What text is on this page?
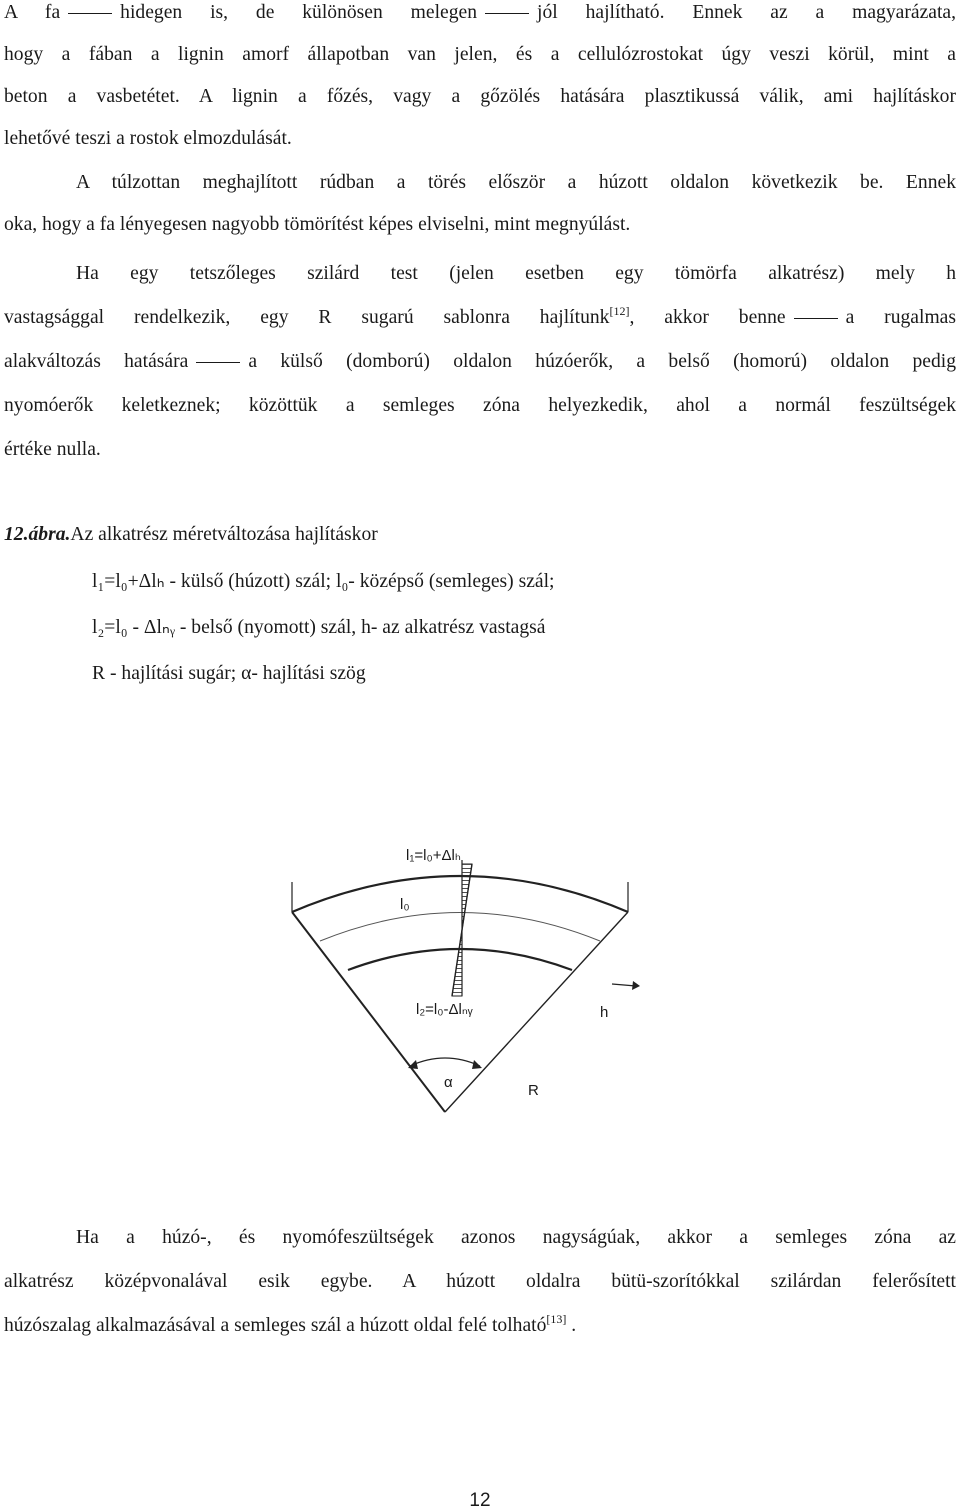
A fa	hidegen is, de különösen melegen	jól hajlítható. Ennek az a magyarázata,
hogy a fában a lignin amorf állapotban van jelen, és a cellulózrostokat úgy veszi körül, mint a
beton a vasbetétet. A lignin a főzés, vagy a gőzölés hatására plasztikussá válik, ami hajlításkor
lehetővé teszi a rostok elmozdulását.
A túlzottan meghajlított rúdban a törés először a húzott oldalon következik be. Ennek
oka, hogy a fa lényegesen nagyobb tömörítést képes elviselni, mint megnyúlást.
Ha egy tetszőleges szilárd test (jelen esetben egy tömörfa alkatrész) mely h
vastagsággal rendelkezik, egy R sugarú sablonra hajlítunk[12], akkor benne	a rugalmas
alakváltozás hatására	a külső (domború) oldalon húzóerők, a belső (homorú) oldalon pedig
nyomóerők keletkeznek; közöttük a semleges zóna helyezkedik, ahol a normál feszültségek
értéke nulla.
12.ábra.Az alkatrész méretváltozása hajlításkor
l₁=l₀+Δlₕ - külső (húzott) szál; l₀- középső (semleges) szál;
l₂=l₀ - Δlₙᵧ - belső (nyomott) szál, h- az alkatrész vastagsá
R - hajlítási sugár; α- hajlítási szög
l₁=l₀+Δlₕ
l₀
l₂=l₀-Δlₙᵧ	h
α	R
Ha a húzó-, és nyomófeszültségek azonos nagyságúak, akkor a semleges zóna az
alkatrész középvonalával esik egybe. A húzott oldalra bütü-szorítókkal szilárdan felerősített
húzószalag alkalmazásával a semleges szál a húzott oldal felé tolható[13] .
12
